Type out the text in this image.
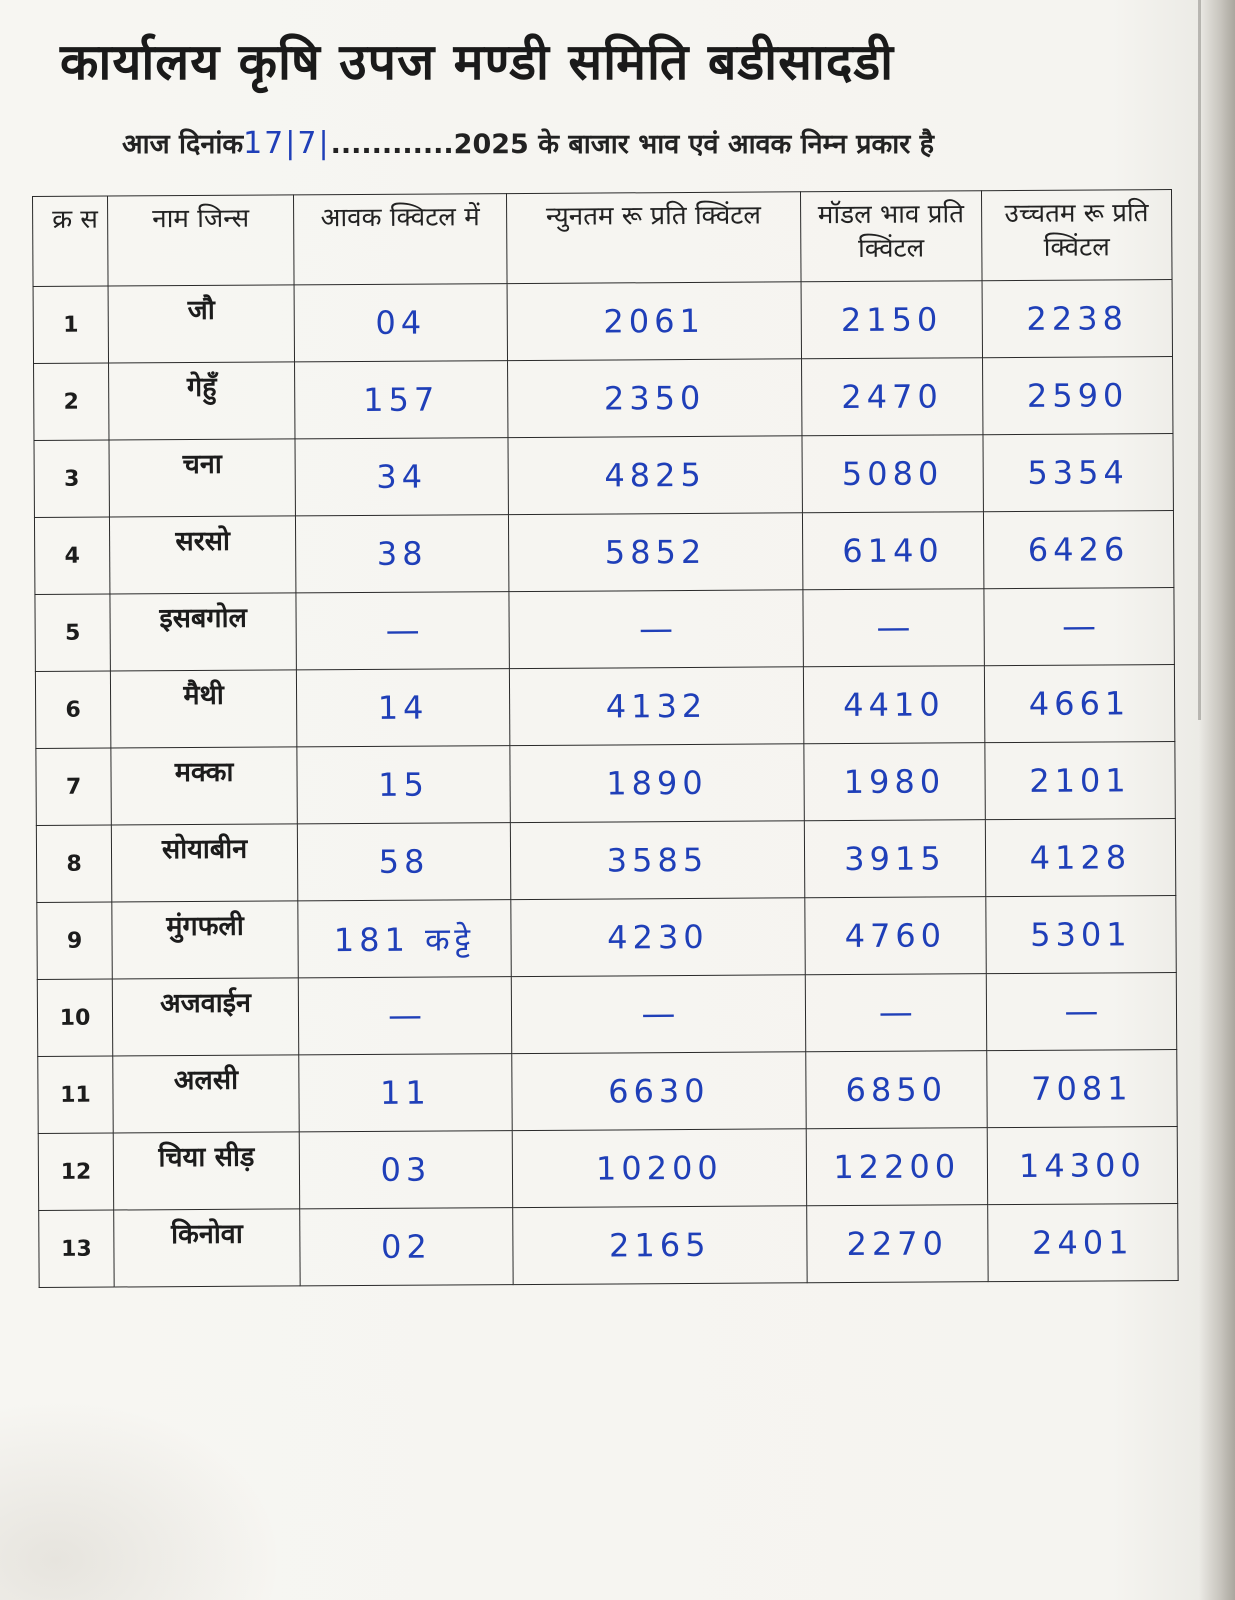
कार्यालय कृषि उपज मण्डी समिति बडीसादडी
आज दिनांक17|7|............2025 के बाजार भाव एवं आवक निम्न प्रकार है
क्र स	नाम जिन्स	आवक क्विटल में	न्युनतम रू प्रति क्विंटल	मॉडल भाव प्रति क्विंटल	उच्चतम रू प्रति क्विंटल
1	जौ	04	2061	2150	2238
2	गेहुँ	157	2350	2470	2590
3	चना	34	4825	5080	5354
4	सरसो	38	5852	6140	6426
5	इसबगोल	—	—	—	—
6	मैथी	14	4132	4410	4661
7	मक्का	15	1890	1980	2101
8	सोयाबीन	58	3585	3915	4128
9	मुंगफली	181 कट्टे	4230	4760	5301
10	अजवाईन	—	—	—	—
11	अलसी	11	6630	6850	7081
12	चिया सीड़	03	10200	12200	14300
13	किनोवा	02	2165	2270	2401
